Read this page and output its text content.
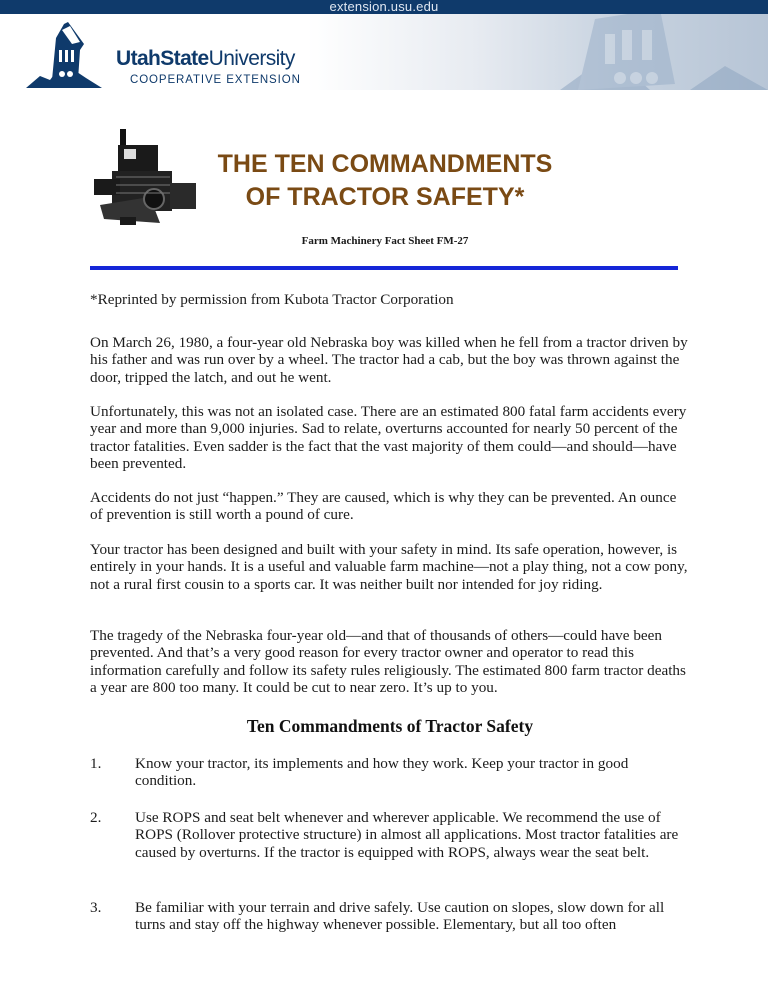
extension.usu.edu
UtahStateUniversity
COOPERATIVE EXTENSION
THE TEN COMMANDMENTS
OF TRACTOR SAFETY*
Farm Machinery Fact Sheet FM-27

*Reprinted by permission from Kubota Tractor Corporation

On March 26, 1980, a four-year old Nebraska boy was killed when he fell from a tractor driven by his father and was run over by a wheel. The tractor had a cab, but the boy was thrown against the door, tripped the latch, and out he went.

Unfortunately, this was not an isolated case. There are an estimated 800 fatal farm accidents every year and more than 9,000 injuries. Sad to relate, overturns accounted for nearly 50 percent of the tractor fatalities. Even sadder is the fact that the vast majority of them could—and should—have been prevented.

Accidents do not just “happen.” They are caused, which is why they can be prevented. An ounce of prevention is still worth a pound of cure.

Your tractor has been designed and built with your safety in mind. Its safe operation, however, is entirely in your hands. It is a useful and valuable farm machine—not a play thing, not a cow pony, not a rural first cousin to a sports car. It was neither built nor intended for joy riding.

The tragedy of the Nebraska four-year old—and that of thousands of others—could have been prevented. And that’s a very good reason for every tractor owner and operator to read this information carefully and follow its safety rules religiously. The estimated 800 farm tractor deaths a year are 800 too many. It could be cut to near zero. It’s up to you.

Ten Commandments of Tractor Safety
1. Know your tractor, its implements and how they work. Keep your tractor in good condition.
2. Use ROPS and seat belt whenever and wherever applicable. We recommend the use of ROPS (Rollover protective structure) in almost all applications. Most tractor fatalities are caused by overturns. If the tractor is equipped with ROPS, always wear the seat belt.
3. Be familiar with your terrain and drive safely. Use caution on slopes, slow down for all turns and stay off the highway whenever possible. Elementary, but all too often
